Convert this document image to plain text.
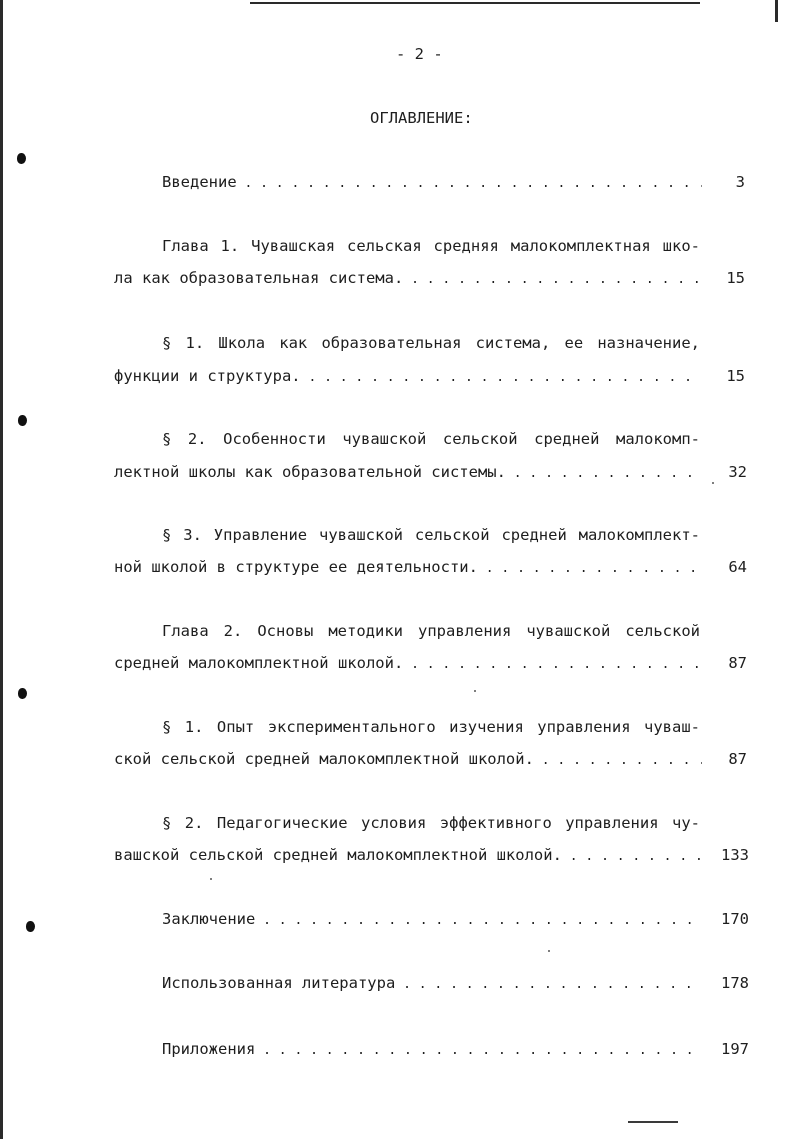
- 2 -
ОГЛАВЛЕНИЕ:
Введение . . .	3
Глава 1. Чувашская сельская средняя малокомплектная шко-
ла как образовательная система. . . .	15
§ 1. Школа как образовательная система, ее назначение,
функции и структура. . . .	15
§ 2. Особенности чувашской сельской средней малокомп-
лектной школы как образовательной системы. . . .	32
§ 3. Управление чувашской сельской средней малокомплект-
ной школой в структуре ее деятельности. . . .	64
Глава 2. Основы методики управления чувашской сельской
средней малокомплектной школой. . . .	87
§ 1. Опыт экспериментального изучения управления чуваш-
ской сельской средней малокомплектной школой. . . .	87
§ 2. Педагогические условия эффективного управления чу-
вашской сельской средней малокомплектной школой. . . .	133
Заключение . . .	170
Использованная литература . . .	178
Приложения . . .	197
